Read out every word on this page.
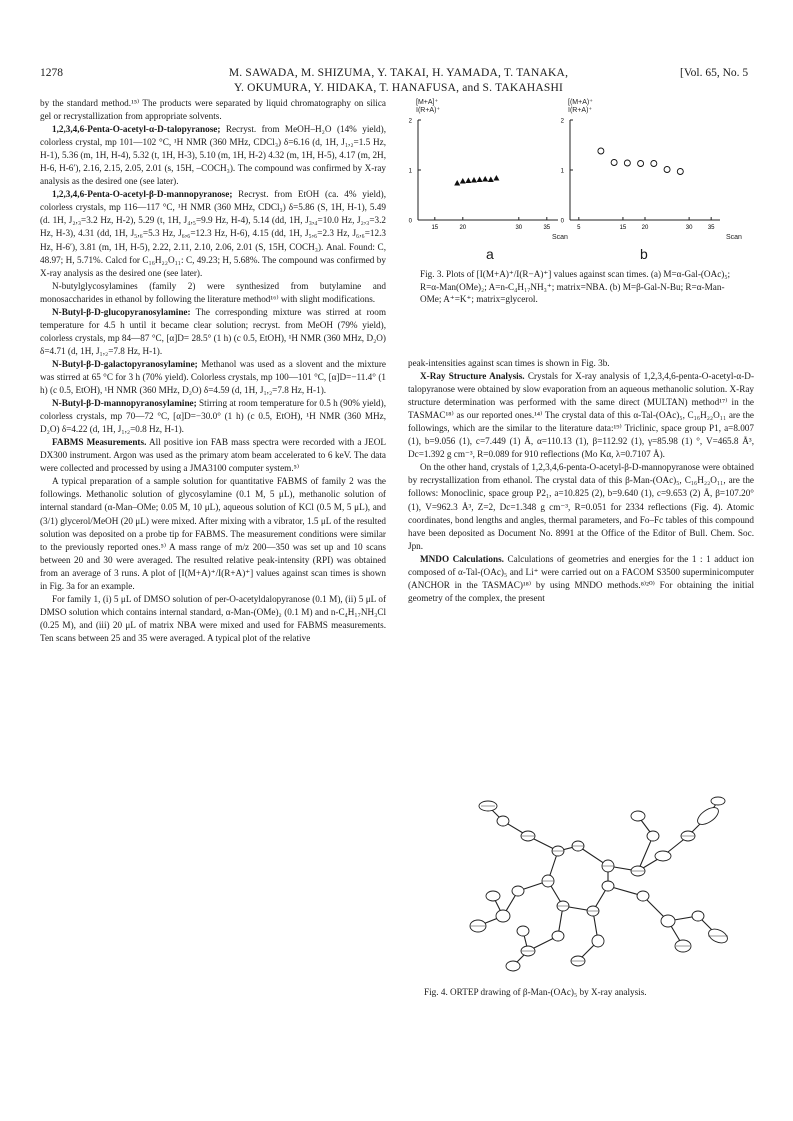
1278	M. SAWADA, M. SHIZUMA, Y. TAKAI, H. YAMADA, T. TANAKA,
Y. OKUMURA, Y. HIDAKA, T. HANAFUSA, and S. TAKAHASHI
[Vol. 65, No. 5

by the standard method.¹⁵⁾ The products were separated by liquid chromatography on silica gel or recrystallization from appropriate solvents.

1,2,3,4,6-Penta-O-acetyl-α-D-talopyranose; Recryst. from MeOH–H₂O (14% yield), colorless crystal, mp 101—102 °C, ¹H NMR (360 MHz, CDCl₃) δ=6.16 (d, 1H, J₁,₂=1.5 Hz, H-1), 5.36 (m, 1H, H-4), 5.32 (t, 1H, H-3), 5.10 (m, 1H, H-2) 4.32 (m, 1H, H-5), 4.17 (m, 2H, H-6, H-6′), 2.16, 2.15, 2.05, 2.01 (s, 15H, –COCH₃). The compound was confirmed by X-ray analysis as the desired one (see later).

1,2,3,4,6-Penta-O-acetyl-β-D-mannopyranose; Recryst. from EtOH (ca. 4% yield), colorless crystals, mp 116—117 °C, ¹H NMR (360 MHz, CDCl₃) δ=5.86 (S, 1H, H-1), 5.49 (d. 1H, J₂,₃=3.2 Hz, H-2), 5.29 (t, 1H, J₄,₅=9.9 Hz, H-4), 5.14 (dd, 1H, J₃,₄=10.0 Hz, J₂,₃=3.2 Hz, H-3), 4.31 (dd, 1H, J₅,₆=5.3 Hz, J₆,₆=12.3 Hz, H-6), 4.15 (dd, 1H, J₅,₆=2.3 Hz, J₆,₆=12.3 Hz, H-6′), 3.81 (m, 1H, H-5), 2.22, 2.11, 2.10, 2.06, 2.01 (S, 15H, COCH₃). Anal. Found: C, 48.97; H, 5.71%. Calcd for C₁₆H₂₂O₁₁: C, 49.23; H, 5.68%. The compound was confirmed by X-ray analysis as the desired one (see later).

N-butylglycosylamines (family 2) were synthesized from butylamine and monosaccharides in ethanol by following the literature method¹⁶⁾ with slight modifications.

N-Butyl-β-D-glucopyranosylamine: The corresponding mixture was stirred at room temperature for 4.5 h until it became clear solution; recryst. from MeOH (79% yield), colorless crystals, mp 84—87 °C, [α]D= 28.5° (1 h) (c 0.5, EtOH), ¹H NMR (360 MHz, D₂O) δ=4.71 (d, 1H, J₁,₂=7.8 Hz, H-1).

N-Butyl-β-D-galactopyranosylamine; Methanol was used as a slovent and the mixture was stirred at 65 °C for 3 h (70% yield). Colorless crystals, mp 100—101 °C, [α]D=−11.4° (1 h) (c 0.5, EtOH), ¹H NMR (360 MHz, D₂O) δ=4.59 (d, 1H, J₁,₂=7.8 Hz, H-1).

N-Butyl-β-D-mannopyranosylamine; Stirring at room temperature for 0.5 h (90% yield), colorless crystals, mp 70—72 °C, [α]D=−30.0° (1 h) (c 0.5, EtOH), ¹H NMR (360 MHz, D₂O) δ=4.22 (d, 1H, J₁,₂=0.8 Hz, H-1).

FABMS Measurements. All positive ion FAB mass spectra were recorded with a JEOL DX300 instrument. Argon was used as the primary atom beam accelerated to 6 keV. The data were collected and processed by using a JMA3100 computer system.⁵⁾

A typical preparation of a sample solution for quantitative FABMS of family 2 was the followings. Methanolic solution of glycosylamine (0.1 M, 5 μL), methanolic solution of internal standard (α-Man–OMe; 0.05 M, 10 μL), aqueous solution of KCl (0.5 M, 5 μL), and (3/1) glycerol/MeOH (20 μL) were mixed. After mixing with a vibrator, 1.5 μL of the resulted solution was deposited on a probe tip for FABMS. The measurement conditions were similar to the previously reported ones.⁵⁾ A mass range of m/z 200—350 was set up and 10 scans between 20 and 30 were averaged. The resulted relative peak-intensity (RPI) was obtained from an average of 3 runs. A plot of [I(M+A)⁺/I(R+A)⁺] values against scan times is shown in Fig. 3a for an example.

For family 1, (i) 5 μL of DMSO solution of per-O-acetyldalopyranose (0.1 M), (ii) 5 μL of DMSO solution which contains internal standard, α-Man-(OMe)₂ (0.1 M) and n-C₄H₁₇NH₃Cl (0.25 M), and (iii) 20 μL of matrix NBA were mixed and used for FABMS measurements. Ten scans between 25 and 35 were averaged. A typical plot of the relative

2
1
0
15	20	30	35
2
1
0
5	15	20	30	35
[M+A]⁺
I(R+A)⁺
[(M+A)⁺
I(R+A)⁺
Scan	Scan
a	b
Fig. 3. Plots of [I(M+A)⁺/I(R−A)⁺] values against scan times. (a) M=α-Gal-(OAc)₅; R=α-Man(OMe)₂; A=n-C₄H₁₇NH₃⁺; matrix=NBA. (b) M=β-Gal-N-Bu; R=α-Man-OMe; A⁺=K⁺; matrix=glycerol.

peak-intensities against scan times is shown in Fig. 3b.

X-Ray Structure Analysis. Crystals for X-ray analysis of 1,2,3,4,6-penta-O-acetyl-α-D-talopyranose were obtained by slow evaporation from an aqueous methanolic solution. X-Ray structure determination was performed with the same direct (MULTAN) method¹⁷⁾ in the TASMAC¹⁸⁾ as our reported ones.¹⁴⁾ The crystal data of this α-Tal-(OAc)₅, C₁₆H₂₂O₁₁ are the followings, which are the similar to the literature data:¹⁹⁾ Triclinic, space group P1, a=8.007 (1), b=9.056 (1), c=7.449 (1) Å, α=110.13 (1), β=112.92 (1), γ=85.98 (1) °, V=465.8 Å³, Dc=1.392 g cm⁻³, R=0.089 for 910 reflections (Mo Kα, λ=0.7107 Å).

On the other hand, crystals of 1,2,3,4,6-penta-O-acetyl-β-D-mannopyranose were obtained by recrystallization from ethanol. The crystal data of this β-Man-(OAc)₅, C₁₆H₂₂O₁₁, are the follows: Monoclinic, space group P2₁, a=10.825 (2), b=9.640 (1), c=9.653 (2) Å, β=107.20° (1), V=962.3 Å³, Z=2, Dc=1.348 g cm⁻³, R=0.051 for 2334 reflections (Fig. 4). Atomic coordinates, bond lengths and angles, thermal parameters, and Fo–Fc tables of this compound have been deposited as Document No. 8991 at the Office of the Editor of Bull. Chem. Soc. Jpn.

MNDO Calculations. Calculations of geometries and energies for the 1 : 1 adduct ion composed of α-Tal-(OAc)₅ and Li⁺ were carried out on a FACOM S3500 superminicomputer (ANCHOR in the TASMAC)¹⁸⁾ by using MNDO methods.⁸⁾²⁰⁾ For obtaining the initial geometry of the complex, the present

Fig. 4. ORTEP drawing of β-Man-(OAc)₅ by X-ray analysis.
